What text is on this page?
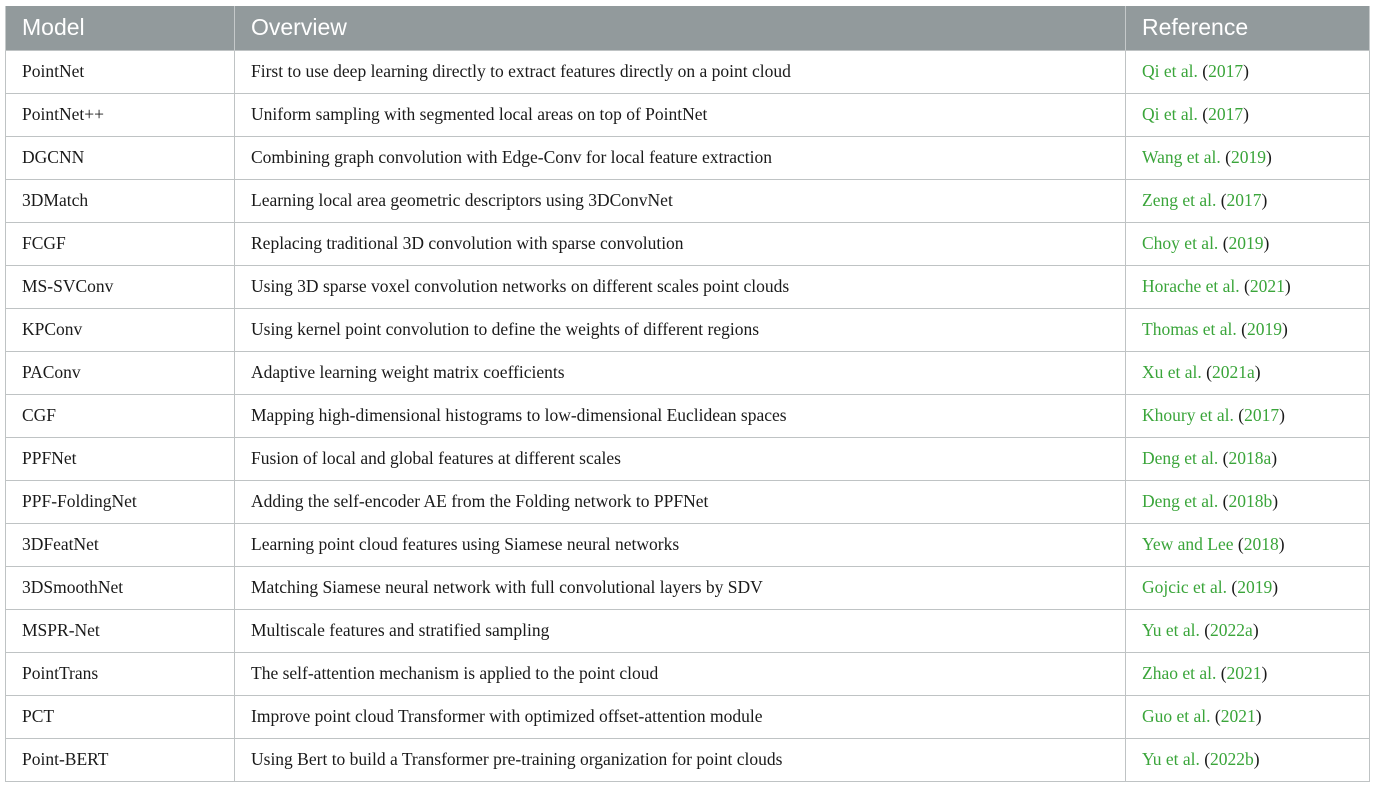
Model	Overview	Reference
PointNet	First to use deep learning directly to extract features directly on a point cloud	Qi et al. (2017)
PointNet++	Uniform sampling with segmented local areas on top of PointNet	Qi et al. (2017)
DGCNN	Combining graph convolution with Edge-Conv for local feature extraction	Wang et al. (2019)
3DMatch	Learning local area geometric descriptors using 3DConvNet	Zeng et al. (2017)
FCGF	Replacing traditional 3D convolution with sparse convolution	Choy et al. (2019)
MS-SVConv	Using 3D sparse voxel convolution networks on different scales point clouds	Horache et al. (2021)
KPConv	Using kernel point convolution to define the weights of different regions	Thomas et al. (2019)
PAConv	Adaptive learning weight matrix coefficients	Xu et al. (2021a)
CGF	Mapping high-dimensional histograms to low-dimensional Euclidean spaces	Khoury et al. (2017)
PPFNet	Fusion of local and global features at different scales	Deng et al. (2018a)
PPF-FoldingNet	Adding the self-encoder AE from the Folding network to PPFNet	Deng et al. (2018b)
3DFeatNet	Learning point cloud features using Siamese neural networks	Yew and Lee (2018)
3DSmoothNet	Matching Siamese neural network with full convolutional layers by SDV	Gojcic et al. (2019)
MSPR-Net	Multiscale features and stratified sampling	Yu et al. (2022a)
PointTrans	The self-attention mechanism is applied to the point cloud	Zhao et al. (2021)
PCT	Improve point cloud Transformer with optimized offset-attention module	Guo et al. (2021)
Point-BERT	Using Bert to build a Transformer pre-training organization for point clouds	Yu et al. (2022b)
